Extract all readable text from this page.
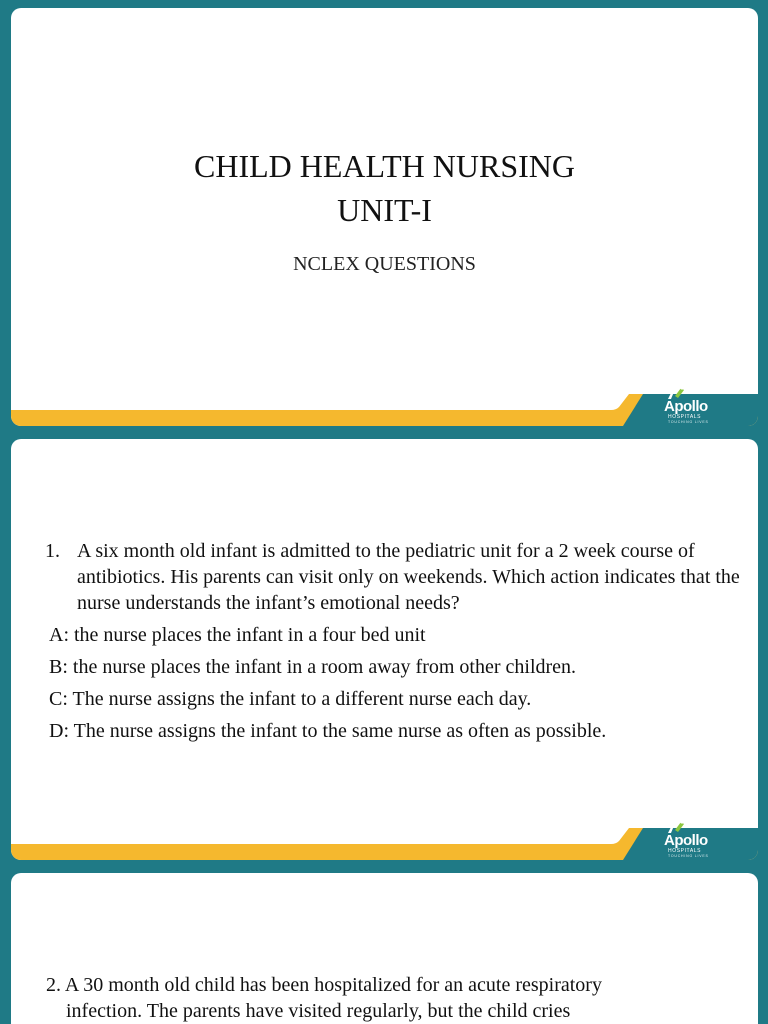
CHILD HEALTH NURSING
UNIT-I
NCLEX QUESTIONS
Apollo
HOSPITALS
TOUCHING LIVES
1. A six month old infant is admitted to the pediatric unit for a 2 week course of antibiotics. His parents can visit only on weekends. Which action indicates that the nurse understands the infant’s emotional needs?
A: the nurse places the infant in a four bed unit
B: the nurse places the infant in a room away from other children.
C: The nurse assigns the infant to a different nurse each day.
D: The nurse assigns the infant to the same nurse as often as possible.
Apollo
HOSPITALS
TOUCHING LIVES
2. A 30 month old child has been hospitalized for an acute respiratory
infection. The parents have visited regularly, but the child cries
